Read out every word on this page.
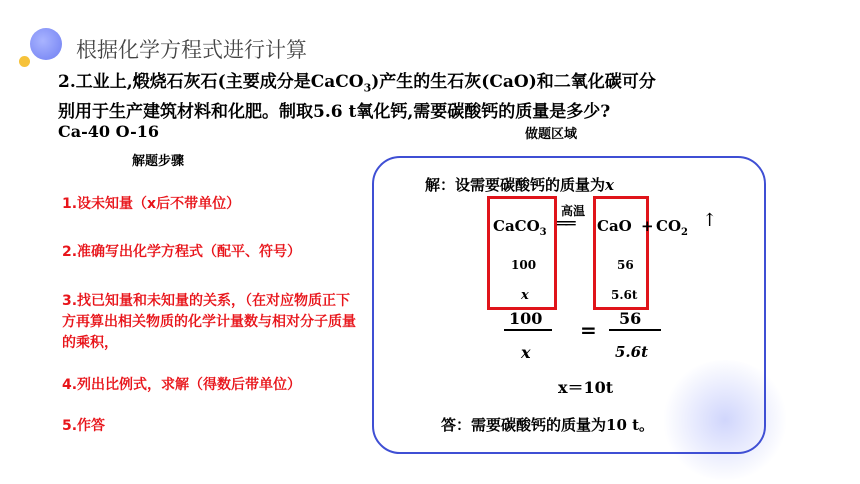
根据化学方程式进行计算
2.工业上,煅烧石灰石(主要成分是CaCO$_3$)产生的生石灰(CaO)和二氧化碳可分
别用于生产建筑材料和化肥。制取5.6 t氧化钙,需要碳酸钙的质量是多少?
Ca-40 O-16	做题区域
解题步骤
1.设未知量（x后不带单位）
2.准确写出化学方程式（配平、符号）
3.找已知量和未知量的关系，（在对应物质正下方再算出相关物质的化学计量数与相对分子质量的乘积，
4.列出比例式，求解（得数后带单位）
5.作答
解：设需要碳酸钙的质量为x
高温
CaCO$_3$ ══ CaO + $CO_2$
↑
100	56
x	5.6t
100
x
= 56
5.6t
x＝10t
答：需要碳酸钙的质量为10 t。
